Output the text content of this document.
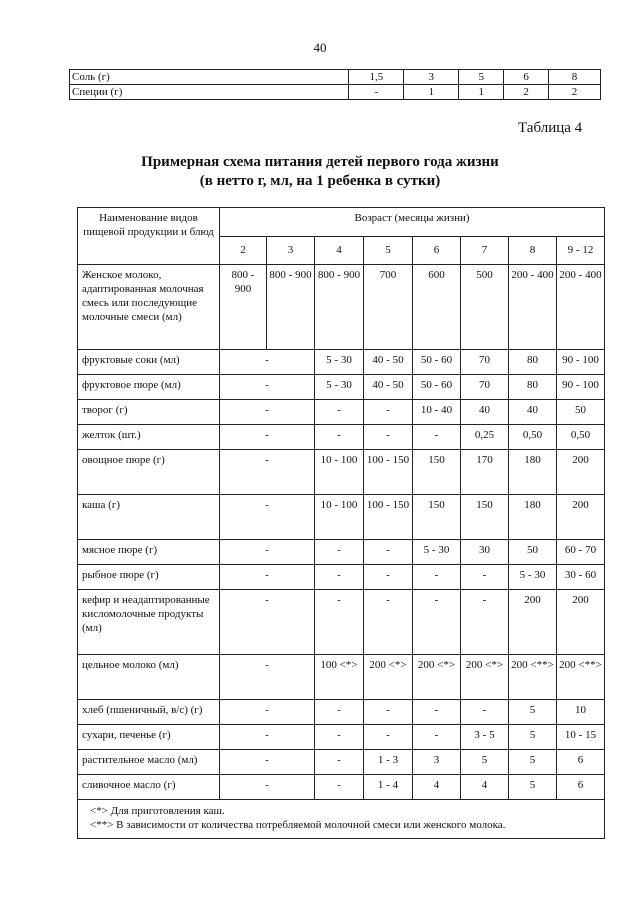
40
Соль (г)	1,5	3	5	6	8
Специи (г)	-	1	1	2	2
Таблица 4
Примерная схема питания детей первого года жизни
(в нетто г, мл, на 1 ребенка в сутки)
Наименование видов пищевой продукции и блюд	Возраст (месяцы жизни)							
	2	3	4	5	6	7	8	9 - 12
Женское молоко, адаптированная молочная смесь или последующие молочные смеси (мл)	800 - 900	800 - 900	800 - 900	700	600	500	200 - 400	200 - 400
фруктовые соки (мл)	-		5 - 30	40 - 50	50 - 60	70	80	90 - 100
фруктовое пюре (мл)	-		5 - 30	40 - 50	50 - 60	70	80	90 - 100
творог (г)	-		-	-	10 - 40	40	40	50
желток (шт.)	-		-	-	-	0,25	0,50	0,50
овощное пюре (г)	-		10 - 100	100 - 150	150	170	180	200
каша (г)	-		10 - 100	100 - 150	150	150	180	200
мясное пюре (г)	-		-	-	5 - 30	30	50	60 - 70
рыбное пюре (г)	-		-	-	-	-	5 - 30	30 - 60
кефир и неадаптированные кисломолочные продукты (мл)	-		-	-	-	-	200	200
цельное молоко (мл)	-		100 <*>	200 <*>	200 <*>	200 <*>	200 <**>	200 <**>
хлеб (пшеничный, в/с) (г)	-		-	-	-	-	5	10
сухари, печенье (г)	-		-	-	-	3 - 5	5	10 - 15
растительное масло (мл)	-		-	1 - 3	3	5	5	6
сливочное масло (г)	-		-	1 - 4	4	4	5	6

<*> Для приготовления каш.
<**> В зависимости от количества потребляемой молочной смеси или женского молока.								
